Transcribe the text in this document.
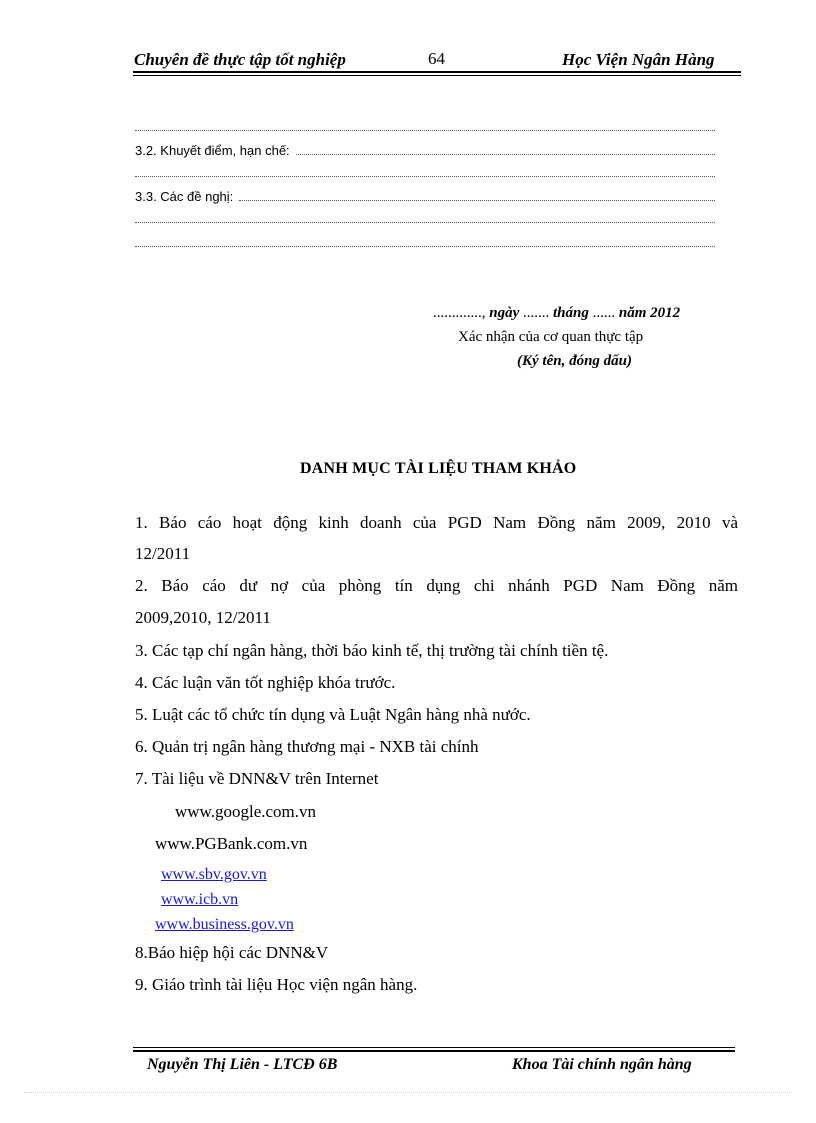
Chuyên đề thực tập tốt nghiệp	64	Học Viện Ngân Hàng
3.2. Khuyết điểm, hạn chế:
3.3. Các đề nghị:
............., ngày ....... tháng ...... năm 2012
Xác nhận của cơ quan thực tập
(Ký tên, đóng dấu)
DANH MỤC TÀI LIỆU THAM KHẢO
1. Báo cáo hoạt động kinh doanh của PGD Nam Đồng năm 2009, 2010 và
12/2011
2. Báo cáo dư nợ của phòng tín dụng chi nhánh PGD Nam Đồng năm
2009,2010, 12/2011
3. Các tạp chí ngân hàng, thời báo kinh tế, thị trường tài chính tiền tệ.
4. Các luận văn tốt nghiệp khóa trước.
5. Luật các tổ chức tín dụng và Luật Ngân hàng nhà nước.
6. Quản trị ngân hàng thương mại - NXB tài chính
7. Tài liệu về DNN&V trên Internet
www.google.com.vn
www.PGBank.com.vn
www.sbv.gov.vn
www.icb.vn
www.business.gov.vn
8.Báo hiệp hội các DNN&V
9. Giáo trình tài liệu Học viện ngân hàng.
Nguyễn Thị Liên - LTCĐ 6B	Khoa Tài chính ngân hàng
